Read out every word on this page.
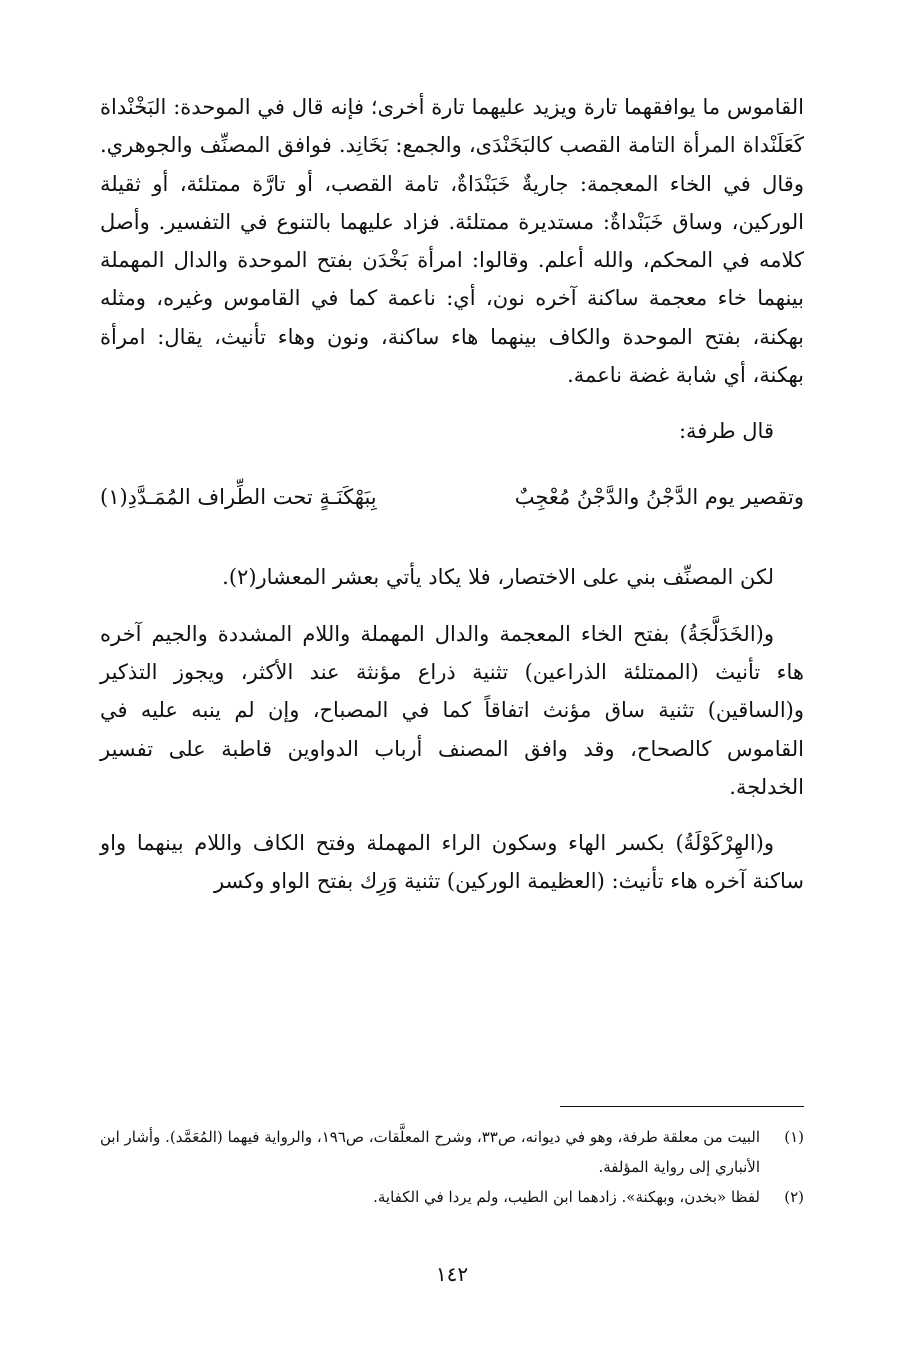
القاموس ما يوافقهما تارة ويزيد عليهما تارة أخرى؛ فإنه قال في الموحدة: البَخْنْداة كَعَلَنْداة المرأة التامة القصب كالبَخَنْدَى، والجمع: بَخَانِد. فوافق المصنِّف والجوهري. وقال في الخاء المعجمة: جاريةٌ خَبَنْدَاةٌ، تامة القصب، أو تارَّة ممتلئة، أو ثقيلة الوركين، وساق خَبَنْداةٌ: مستديرة ممتلئة. فزاد عليهما بالتنوع في التفسير. وأصل كلامه في المحكم، والله أعلم. وقالوا: امرأة بَخْدَن بفتح الموحدة والدال المهملة بينهما خاء معجمة ساكنة آخره نون، أي: ناعمة كما في القاموس وغيره، ومثله بهكنة، بفتح الموحدة والكاف بينهما هاء ساكنة، ونون وهاء تأنيث، يقال: امرأة بهكنة، أي شابة غضة ناعمة.

قال طرفة:

وتقصير يوم الدَّجْنُ والدَّجْنُ مُعْجِبٌ
بِبَهْكَنَـةٍ تحت الطِّراف المُمَـدَّدِ(١)

لكن المصنِّف بني على الاختصار، فلا يكاد يأتي بعشر المعشار(٢).

و(الخَدَلَّجَةُ) بفتح الخاء المعجمة والدال المهملة واللام المشددة والجيم آخره هاء تأنيث (الممتلئة الذراعين) تثنية ذراع مؤنثة عند الأكثر، ويجوز التذكير و(الساقين) تثنية ساق مؤنث اتفاقاً كما في المصباح، وإن لم ينبه عليه في القاموس كالصحاح، وقد وافق المصنف أرباب الدواوين قاطبة على تفسير الخدلجة.

و(الهِرْكَوْلَةُ) بكسر الهاء وسكون الراء المهملة وفتح الكاف واللام بينهما واو ساكنة آخره هاء تأنيث: (العظيمة الوركين) تثنية وَرِك بفتح الواو وكسر

(١)
البيت من معلقة طرفة، وهو في ديوانه، ص٣٣، وشرح المعلَّقات، ص١٩٦، والرواية فيهما (المُعَمَّد). وأشار ابن الأنباري إلى رواية المؤلفة.
(٢)
لفظا «بخدن، وبهكنة». زادهما ابن الطيب، ولم يردا في الكفاية.
١٤٢
